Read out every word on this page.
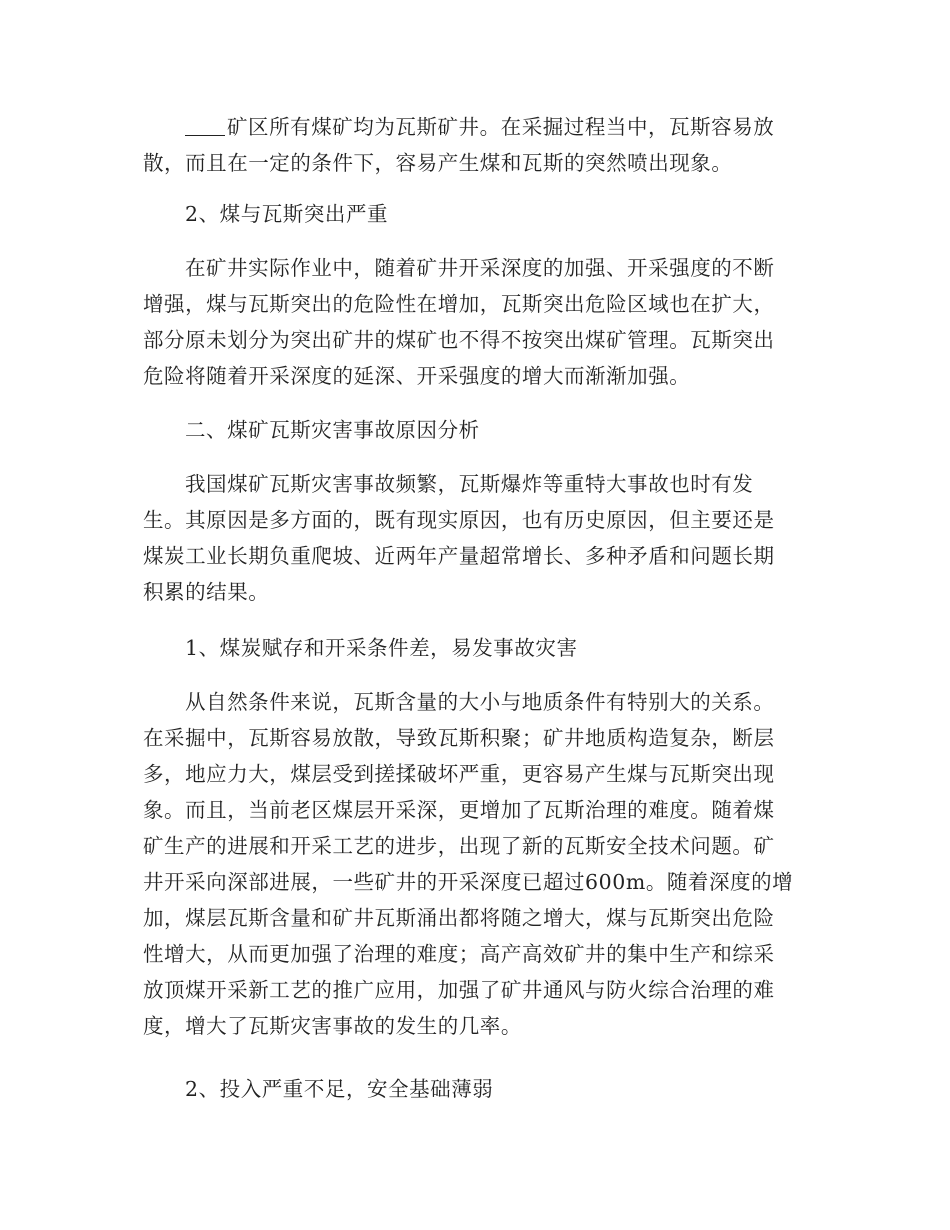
矿区所有煤矿均为瓦斯矿井。在采掘过程当中，瓦斯容易放
散，而且在一定的条件下，容易产生煤和瓦斯的突然喷出现象。
2、煤与瓦斯突出严重
在矿井实际作业中，随着矿井开采深度的加强、开采强度的不断
增强，煤与瓦斯突出的危险性在增加，瓦斯突出危险区域也在扩大，
部分原未划分为突出矿井的煤矿也不得不按突出煤矿管理。瓦斯突出
危险将随着开采深度的延深、开采强度的增大而渐渐加强。
二、煤矿瓦斯灾害事故原因分析
我国煤矿瓦斯灾害事故频繁，瓦斯爆炸等重特大事故也时有发
生。其原因是多方面的，既有现实原因，也有历史原因，但主要还是
煤炭工业长期负重爬坡、近两年产量超常增长、多种矛盾和问题长期
积累的结果。
1、煤炭赋存和开采条件差，易发事故灾害
从自然条件来说，瓦斯含量的大小与地质条件有特别大的关系。
在采掘中，瓦斯容易放散，导致瓦斯积聚；矿井地质构造复杂，断层
多，地应力大，煤层受到搓揉破坏严重，更容易产生煤与瓦斯突出现
象。而且，当前老区煤层开采深，更增加了瓦斯治理的难度。随着煤
矿生产的进展和开采工艺的进步，出现了新的瓦斯安全技术问题。矿
井开采向深部进展，一些矿井的开采深度已超过600m。随着深度的增
加，煤层瓦斯含量和矿井瓦斯涌出都将随之增大，煤与瓦斯突出危险
性增大，从而更加强了治理的难度；高产高效矿井的集中生产和综采
放顶煤开采新工艺的推广应用，加强了矿井通风与防火综合治理的难
度，增大了瓦斯灾害事故的发生的几率。
2、投入严重不足，安全基础薄弱
